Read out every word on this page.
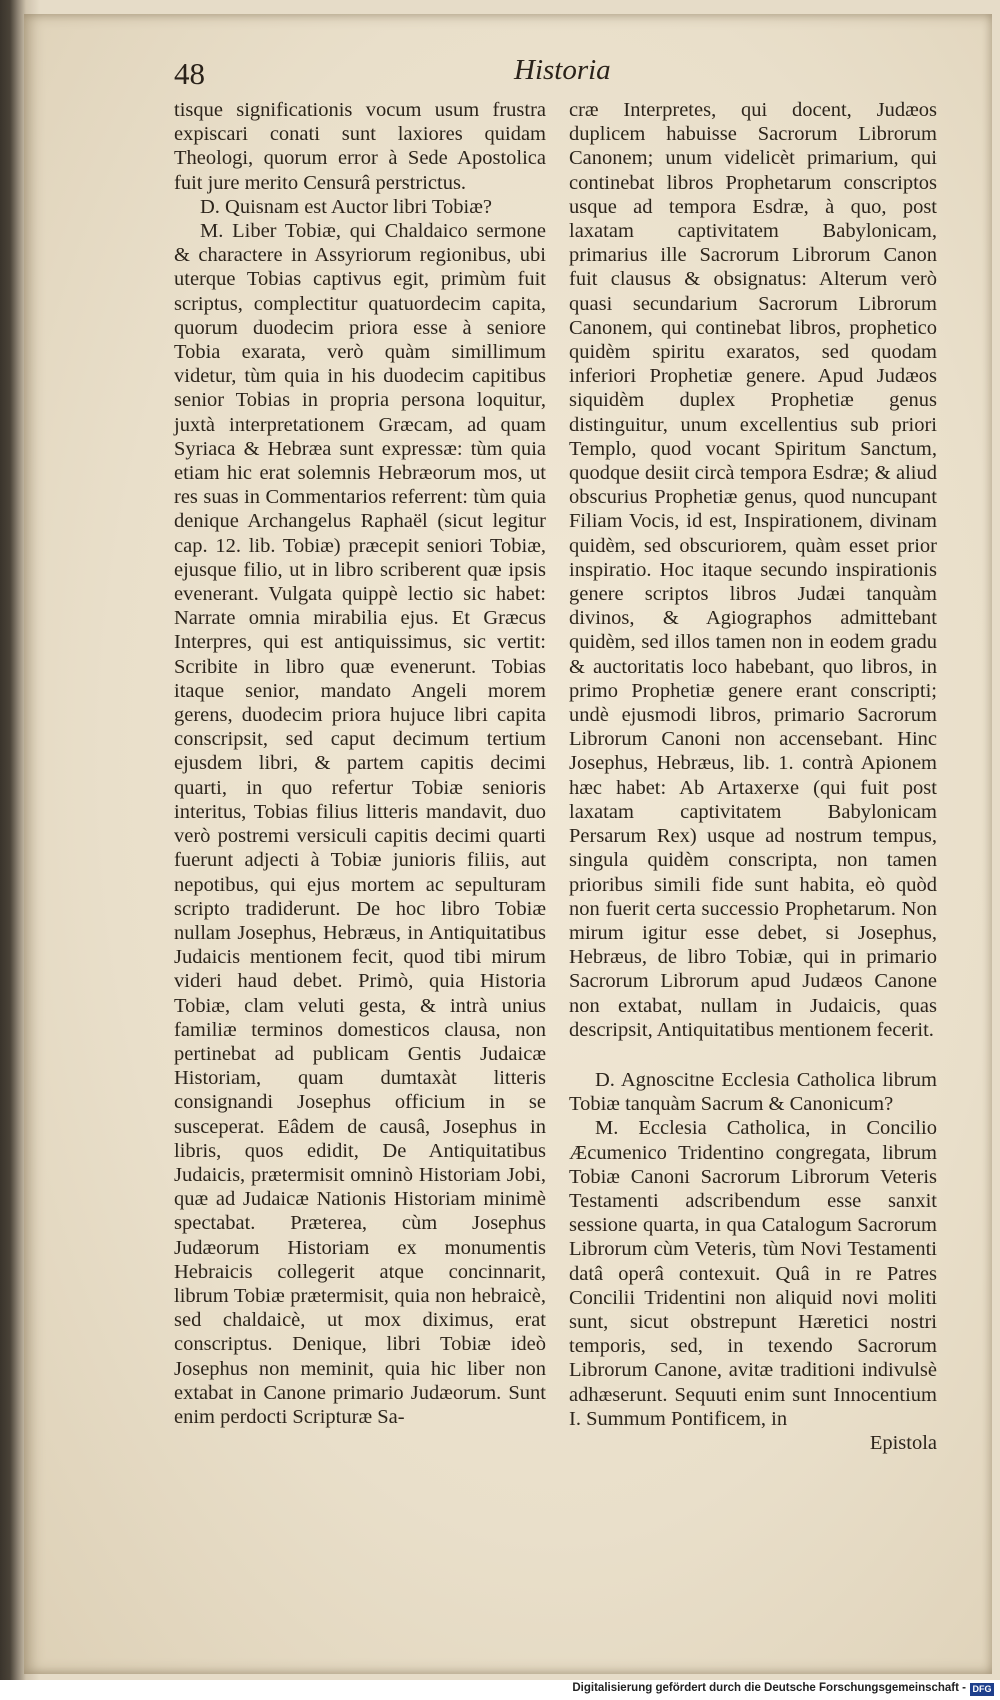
48	Historia

tisque significationis vocum usum frustra expiscari conati sunt laxiores quidam Theologi, quorum error à Sede Apostolica fuit jure merito Censurâ perstrictus.

D. Quisnam est Auctor libri Tobiæ?

M. Liber Tobiæ, qui Chaldaico sermone & charactere in Assyriorum regionibus, ubi uterque Tobias captivus egit, primùm fuit scriptus, complectitur quatuordecim capita, quorum duodecim priora esse à seniore Tobia exarata, verò quàm simillimum videtur, tùm quia in his duodecim capitibus senior Tobias in propria persona loquitur, juxtà interpretationem Græcam, ad quam Syriaca & Hebræa sunt expressæ: tùm quia etiam hic erat solemnis Hebræorum mos, ut res suas in Commentarios referrent: tùm quia denique Archangelus Raphaël (sicut legitur cap. 12. lib. Tobiæ) præcepit seniori Tobiæ, ejusque filio, ut in libro scriberent quæ ipsis evenerant. Vulgata quippè lectio sic habet: Narrate omnia mirabilia ejus. Et Græcus Interpres, qui est antiquissimus, sic vertit: Scribite in libro quæ evenerunt. Tobias itaque senior, mandato Angeli morem gerens, duodecim priora hujuce libri capita conscripsit, sed caput decimum tertium ejusdem libri, & partem capitis decimi quarti, in quo refertur Tobiæ senioris interitus, Tobias filius litteris mandavit, duo verò postremi versiculi capitis decimi quarti fuerunt adjecti à Tobiæ junioris filiis, aut nepotibus, qui ejus mortem ac sepulturam scripto tradiderunt. De hoc libro Tobiæ nullam Josephus, Hebræus, in Antiquitatibus Judaicis mentionem fecit, quod tibi mirum videri haud debet. Primò, quia Historia Tobiæ, clam veluti gesta, & intrà unius familiæ terminos domesticos clausa, non pertinebat ad publicam Gentis Judaicæ Historiam, quam dumtaxàt litteris consignandi Josephus officium in se susceperat. Eâdem de causâ, Josephus in libris, quos edidit, De Antiquitatibus Judaicis, prætermisit omninò Historiam Jobi, quæ ad Judaicæ Nationis Historiam minimè spectabat. Præterea, cùm Josephus Judæorum Historiam ex monumentis Hebraicis collegerit atque concinnarit, librum Tobiæ prætermisit, quia non hebraicè, sed chaldaicè, ut mox diximus, erat conscriptus. Denique, libri Tobiæ ideò Josephus non meminit, quia hic liber non extabat in Canone primario Judæorum. Sunt enim perdocti Scripturæ Sa-

cræ Interpretes, qui docent, Judæos duplicem habuisse Sacrorum Librorum Canonem; unum videlicèt primarium, qui continebat libros Prophetarum conscriptos usque ad tempora Esdræ, à quo, post laxatam captivitatem Babylonicam, primarius ille Sacrorum Librorum Canon fuit clausus & obsignatus: Alterum verò quasi secundarium Sacrorum Librorum Canonem, qui continebat libros, prophetico quidèm spiritu exaratos, sed quodam inferiori Prophetiæ genere. Apud Judæos siquidèm duplex Prophetiæ genus distinguitur, unum excellentius sub priori Templo, quod vocant Spiritum Sanctum, quodque desiit circà tempora Esdræ; & aliud obscurius Prophetiæ genus, quod nuncupant Filiam Vocis, id est, Inspirationem, divinam quidèm, sed obscuriorem, quàm esset prior inspiratio. Hoc itaque secundo inspirationis genere scriptos libros Judæi tanquàm divinos, & Agiographos admittebant quidèm, sed illos tamen non in eodem gradu & auctoritatis loco habebant, quo libros, in primo Prophetiæ genere erant conscripti; undè ejusmodi libros, primario Sacrorum Librorum Canoni non accensebant. Hinc Josephus, Hebræus, lib. 1. contrà Apionem hæc habet: Ab Artaxerxe (qui fuit post laxatam captivitatem Babylonicam Persarum Rex) usque ad nostrum tempus, singula quidèm conscripta, non tamen prioribus simili fide sunt habita, eò quòd non fuerit certa successio Prophetarum. Non mirum igitur esse debet, si Josephus, Hebræus, de libro Tobiæ, qui in primario Sacrorum Librorum apud Judæos Canone non extabat, nullam in Judaicis, quas descripsit, Antiquitatibus mentionem fecerit.

D. Agnoscitne Ecclesia Catholica librum Tobiæ tanquàm Sacrum & Canonicum?

M. Ecclesia Catholica, in Concilio Æcumenico Tridentino congregata, librum Tobiæ Canoni Sacrorum Librorum Veteris Testamenti adscribendum esse sanxit sessione quarta, in qua Catalogum Sacrorum Librorum cùm Veteris, tùm Novi Testamenti datâ operâ contexuit. Quâ in re Patres Concilii Tridentini non aliquid novi moliti sunt, sicut obstrepunt Hæretici nostri temporis, sed, in texendo Sacrorum Librorum Canone, avitæ traditioni indivulsè adhæserunt. Sequuti enim sunt Innocentium I. Summum Pontificem, in

Epistola

Digitalisierung gefördert durch die Deutsche Forschungsgemeinschaft - DFG
